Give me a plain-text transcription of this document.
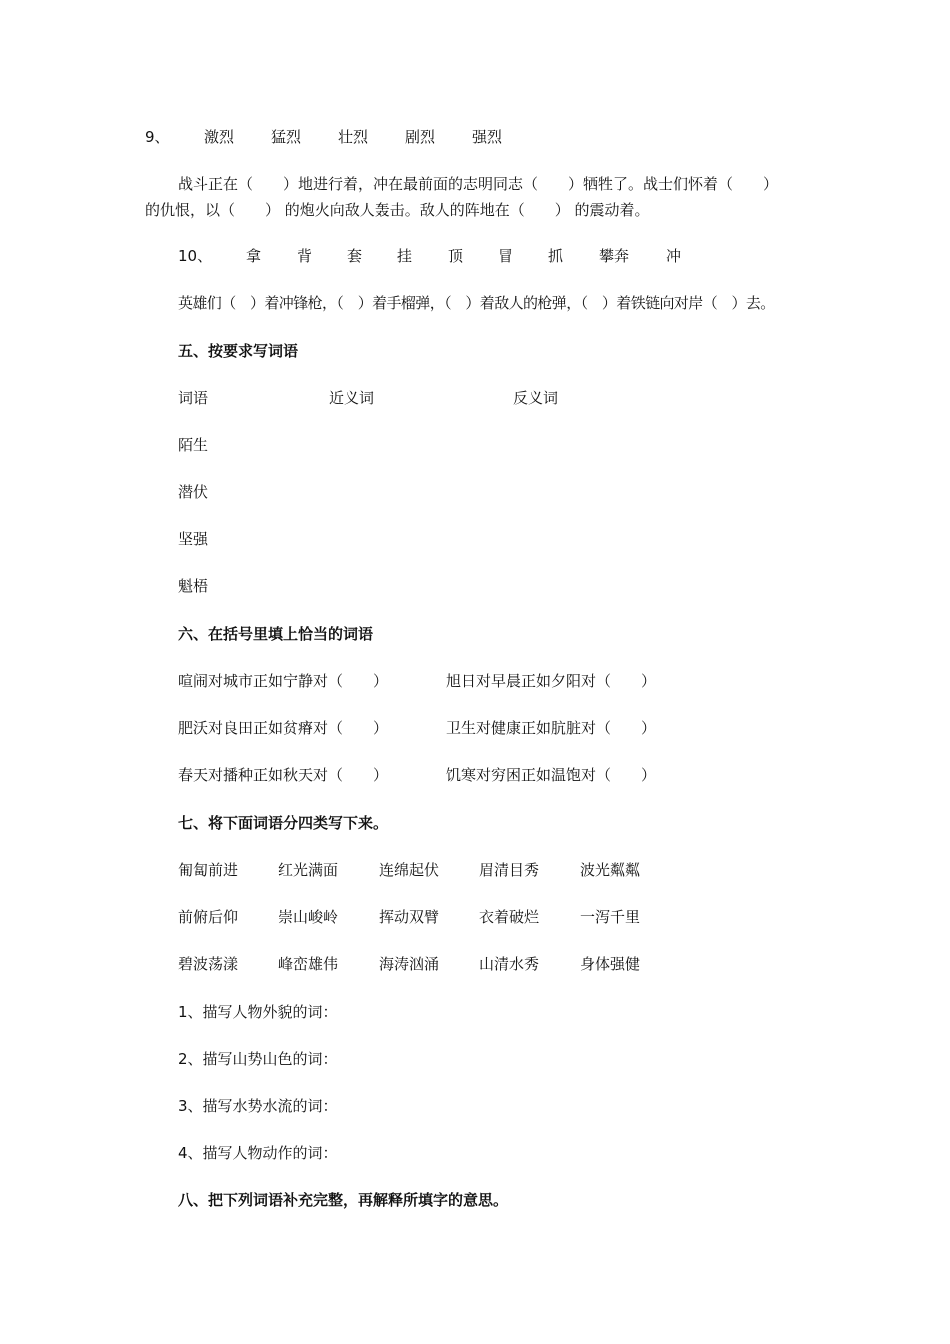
9、 激烈 猛烈 壮烈 剧烈 强烈
战斗正在（　　）地进行着，冲在最前面的志明同志（　　）牺牲了。战士们怀着（　　）
的仇恨，以（　　） 的炮火向敌人轰击。敌人的阵地在（　　） 的震动着。
10、 拿 背 套 挂 顶 冒 抓 攀奔 冲
英雄们（　）着冲锋枪，（　）着手榴弹，（　）着敌人的枪弹，（　）着铁链向对岸（　）去。
五、按要求写词语
词语	近义词	反义词
陌生
潜伏
坚强
魁梧
六、在括号里填上恰当的词语
喧闹对城市正如宁静对（　　）	旭日对早晨正如夕阳对（　　）
肥沃对良田正如贫瘠对（　　）	卫生对健康正如肮脏对（　　）
春天对播种正如秋天对（　　）	饥寒对穷困正如温饱对（　　）
七、将下面词语分四类写下来。
匍匐前进	红光满面	连绵起伏	眉清目秀	波光粼粼
前俯后仰	崇山峻岭	挥动双臂	衣着破烂	一泻千里
碧波荡漾	峰峦雄伟	海涛汹涌	山清水秀	身体强健
1、描写人物外貌的词：
2、描写山势山色的词：
3、描写水势水流的词：
4、描写人物动作的词：
八、把下列词语补充完整，再解释所填字的意思。
